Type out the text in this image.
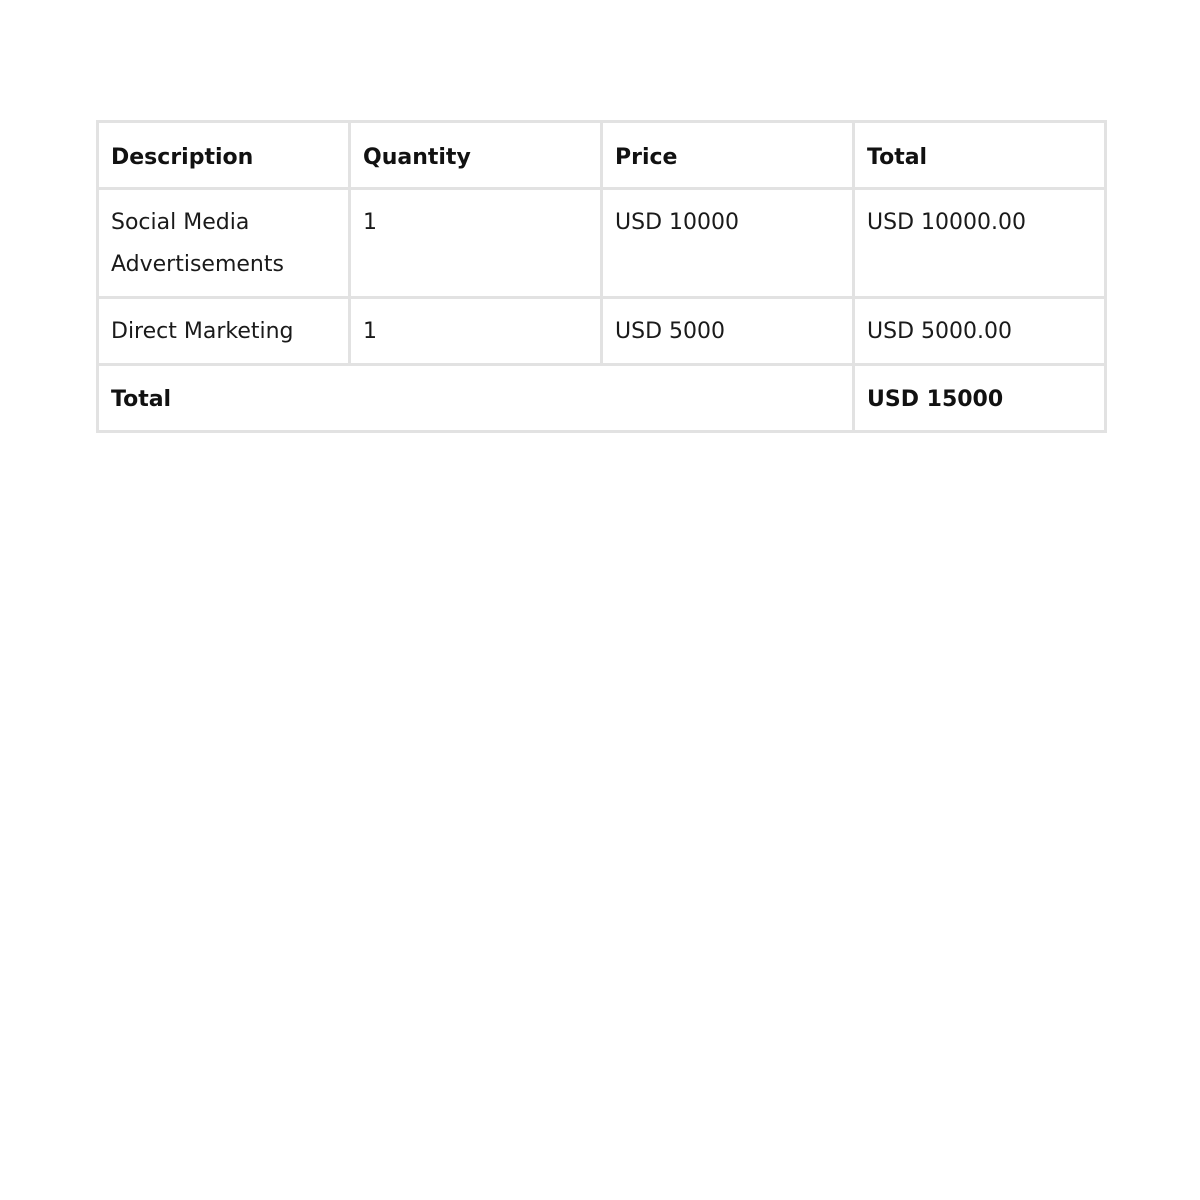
Description	Quantity	Price	Total
Social Media Advertisements	1	USD 10000	USD 10000.00
Direct Marketing	1	USD 5000	USD 5000.00
Total			USD 15000
